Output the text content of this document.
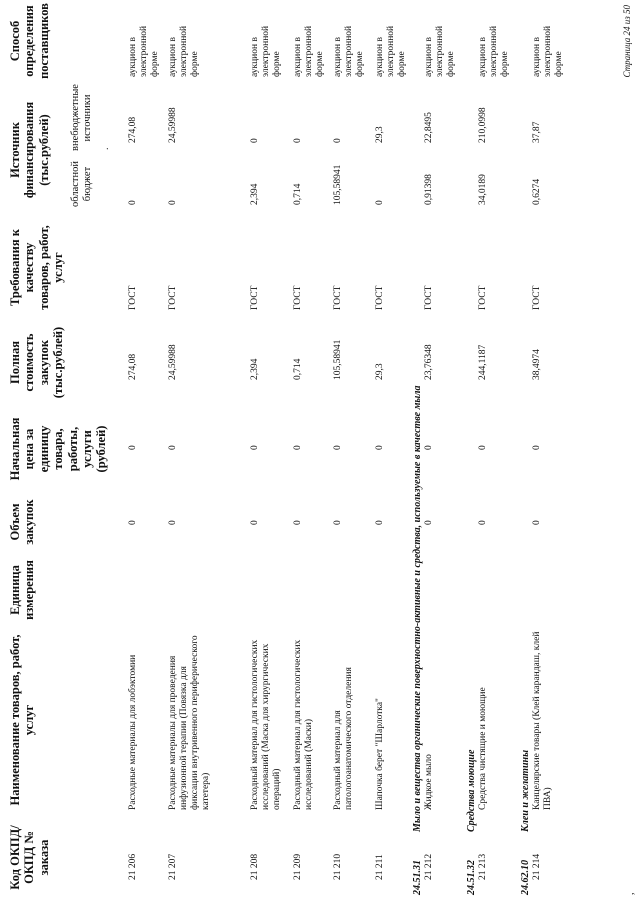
Код ОКПД/ ОКПД № заказа
Наименование товаров, работ, услуг
Единица измерения
Объем закупок
Начальная цена за единицу товара, работы, услуги (рублей)
Полная стоимость закупок (тыс.рублей)
Требования к качеству товаров, работ, услуг
Источник финансирования (тыс.рублей) областной бюджет
внебюджетные источники
Способ определения поставщиков
21 206
Расходные материалы для лобэктомии
0
0
274,08
ГОСТ
0
274,08
аукцион в электронной форме
21 207
Расходные материалы для проведения инфузионной терапии (Повязка для фиксации внутривенного периферического катетера)
0
0
24,59988
ГОСТ
0
24,59988
аукцион в электронной форме
21 208
Расходный материал для гистологических исследований (Маска для хирургических операций)
0
0
2,394
ГОСТ
2,394
0
аукцион в электронной форме
21 209
Расходный материал для гистологических исследований (Маски)
0
0
0,714
ГОСТ
0,714
0
аукцион в электронной форме
21 210
Расходный материал для патологоанатомического отделения
0
0
105,58941
ГОСТ
105,58941
0
аукцион в электронной форме
21 211
Шапочка берет "Шарлотка"
0
0
29,3
ГОСТ
0
29,3
аукцион в электронной форме
24.51.31
Мыло и вещества органические поверхностно-активные и средства, используемые в качестве мыла
21 212
Жидкое мыло
0
0
23,76348
ГОСТ
0,91398
22,8495
аукцион в электронной форме
24.51.32
Средства моющие
21 213
Средства чистящие и моющие
0
0
244,1187
ГОСТ
34,0189
210,0998
аукцион в электронной форме
24.62.10
Клеи и желатины
21 214
Канцелярские товары (Клей карандаш, клей ПВА)
0
0
38,4974
ГОСТ
0,6274
37,87
аукцион в электронной форме	Страница 24 из 50
,
.
